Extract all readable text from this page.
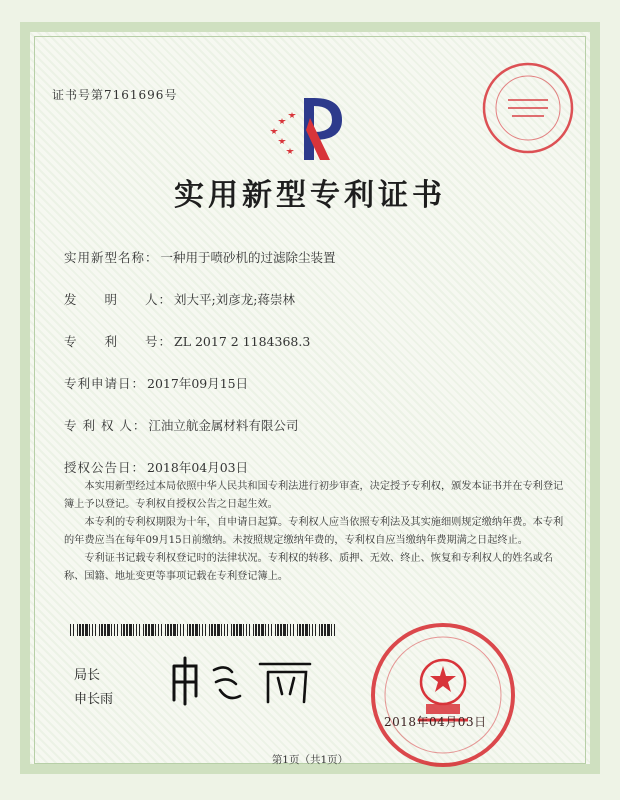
证书号第7161696号
实用新型专利证书
实用新型名称： 一种用于喷砂机的过滤除尘装置
发　　明　　人： 刘大平;刘彦龙;蒋崇林
专　　利　　号： ZL 2017 2 1184368.3
专利申请日： 2017年09月15日
专 利 权 人： 江油立航金属材料有限公司
授权公告日： 2018年04月03日

本实用新型经过本局依照中华人民共和国专利法进行初步审查，决定授予专利权，颁发本证书并在专利登记簿上予以登记。专利权自授权公告之日起生效。

本专利的专利权期限为十年，自申请日起算。专利权人应当依照专利法及其实施细则规定缴纳年费。本专利的年费应当在每年09月15日前缴纳。未按照规定缴纳年费的，专利权自应当缴纳年费期满之日起终止。

专利证书记载专利权登记时的法律状况。专利权的转移、质押、无效、终止、恢复和专利权人的姓名或名称、国籍、地址变更等事项记载在专利登记簿上。

局长
申长雨
2018年04月03日
第1页（共1页）
